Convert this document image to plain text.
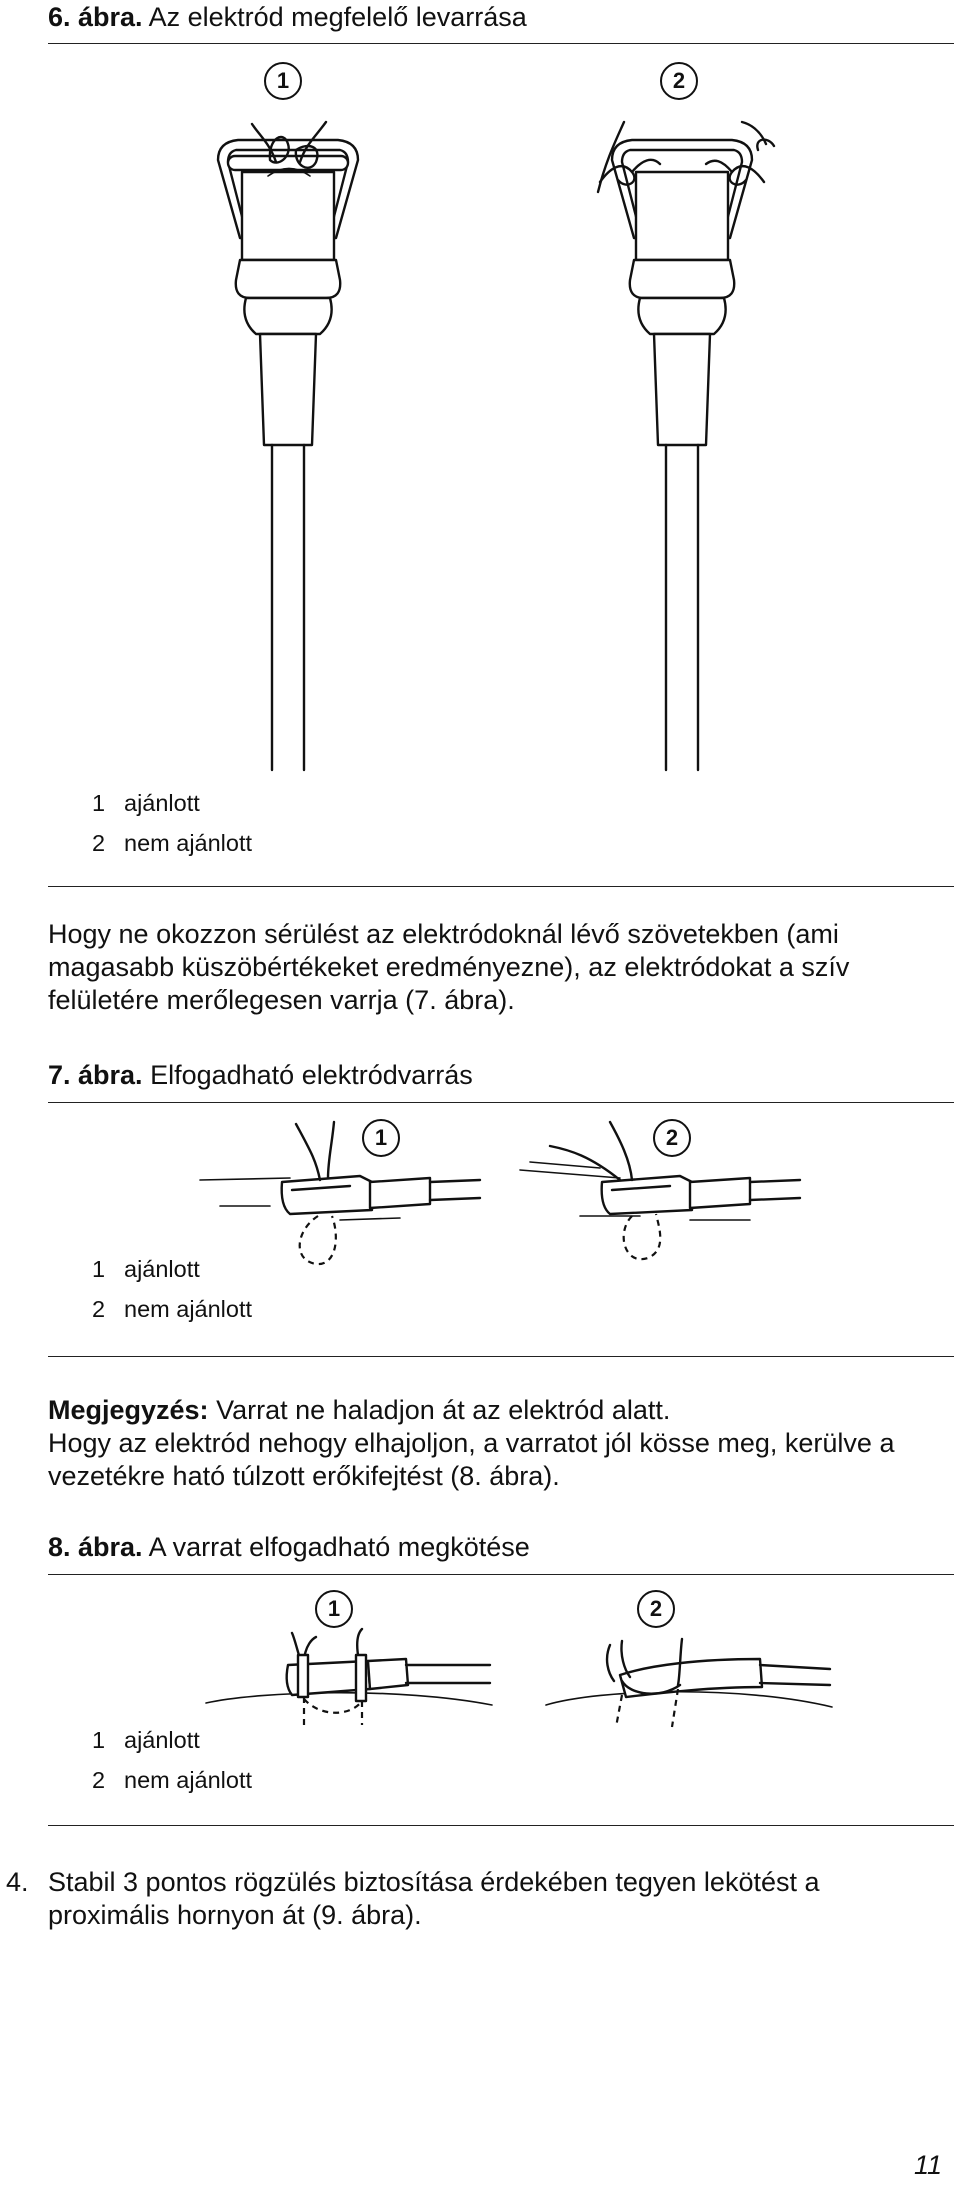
6. ábra. Az elektród megfelelő levarrása
1	2
1 ajánlott
2 nem ajánlott
Hogy ne okozzon sérülést az elektródoknál lévő szövetekben (ami magasabb küszöbértékeket eredményezne), az elektródokat a szív felületére merőlegesen varrja (7. ábra).
7. ábra. Elfogadható elektródvarrás
1	2
1 ajánlott
2 nem ajánlott
Megjegyzés: Varrat ne haladjon át az elektród alatt.
Hogy az elektród nehogy elhajoljon, a varratot jól kösse meg, kerülve a vezetékre ható túlzott erőkifejtést (8. ábra).
8. ábra. A varrat elfogadható megkötése
1	2
1 ajánlott
2 nem ajánlott
4. Stabil 3 pontos rögzülés biztosítása érdekében tegyen lekötést a proximális hornyon át (9. ábra).
11
